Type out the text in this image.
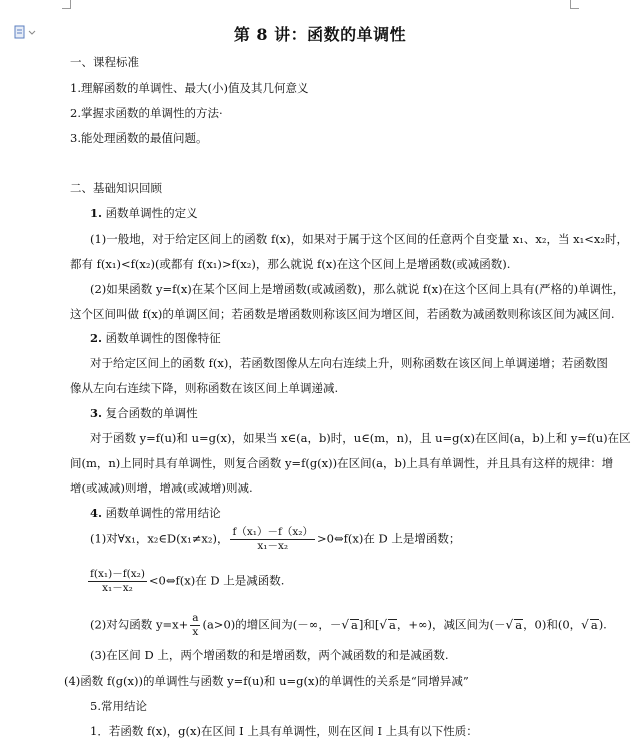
第 8 讲：函数的单调性
一、课程标准
1.理解函数的单调性、最大(小)值及其几何意义
2.掌握求函数的单调性的方法·
3.能处理函数的最值问题。
二、基础知识回顾
1. 函数单调性的定义
(1)一般地，对于给定区间上的函数 f(x)，如果对于属于这个区间的任意两个自变量 x₁、x₂，当 x₁<x₂时，
都有 f(x₁)<f(x₂)(或都有 f(x₁)>f(x₂)，那么就说 f(x)在这个区间上是增函数(或减函数).
(2)如果函数 y=f(x)在某个区间上是增函数(或减函数)，那么就说 f(x)在这个区间上具有(严格的)单调性，
这个区间叫做 f(x)的单调区间；若函数是增函数则称该区间为增区间，若函数为减函数则称该区间为减区间.
2. 函数单调性的图像特征
对于给定区间上的函数 f(x)，若函数图像从左向右连续上升，则称函数在该区间上单调递增；若函数图
像从左向右连续下降，则称函数在该区间上单调递减.
3. 复合函数的单调性
对于函数 y=f(u)和 u=g(x)，如果当 x∈(a，b)时，u∈(m，n)，且 u=g(x)在区间(a，b)上和 y=f(u)在区
间(m，n)上同时具有单调性，则复合函数 y=f(g(x))在区间(a，b)上具有单调性，并且具有这样的规律：增
增(或减减)则增，增减(或减增)则减.
4. 函数单调性的常用结论
(1)对∀x₁，x₂∈D(x₁≠x₂)， $\frac{\text{f（x₁）－f（x₂）}}{\text{x₁－x₂}}$ >0⇔f(x)在 D 上是增函数；
$\frac{\text{f(x₁)－f(x₂)}}{\text{x₁－x₂}}$ <0⇔f(x)在 D 上是减函数.
(2)对勾函数 $y=x+ \frac{a}{x} (a>0)$的增区间为(－∞，－√ a]和[√ a，+∞)，减区间为(－√ a，0)和(0，√ a).
(3)在区间 D 上，两个增函数的和是增函数，两个减函数的和是减函数.
(4)函数 f(g(x))的单调性与函数 y=f(u)和 u=g(x)的单调性的关系是“同增异减”
5.常用结论
1．若函数 f(x)，g(x)在区间 I 上具有单调性，则在区间 I 上具有以下性质：
